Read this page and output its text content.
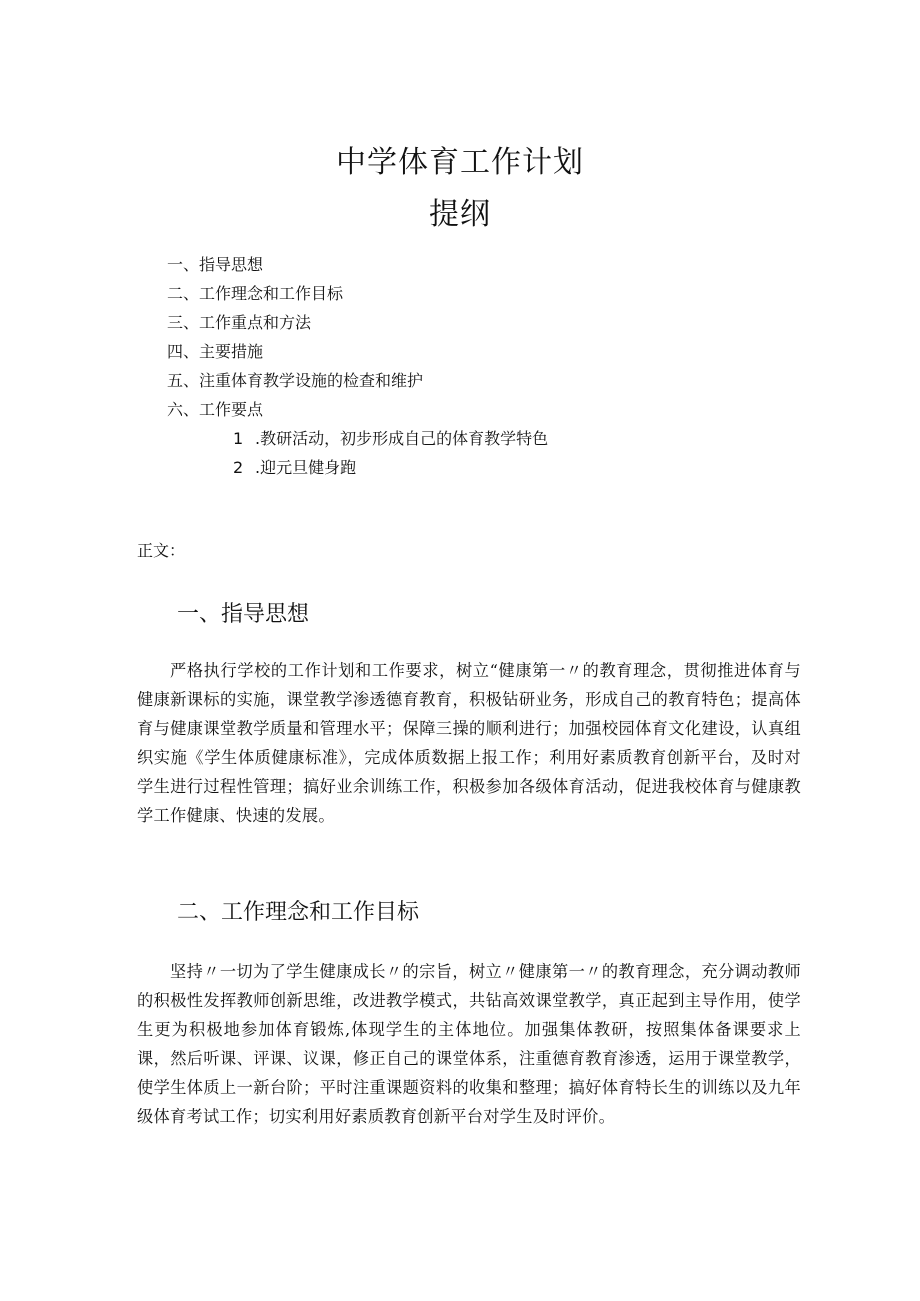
中学体育工作计划
提纲
一、指导思想
二、工作理念和工作目标
三、工作重点和方法
四、主要措施
五、注重体育教学设施的检查和维护
六、工作要点
1 .教研活动，初步形成自己的体育教学特色
2 .迎元旦健身跑
正文：
一、指导思想

严格执行学校的工作计划和工作要求，树立“健康第一〃的教育理念，贯彻推进体育与健康新课标的实施，课堂教学渗透德育教育，积极钻研业务，形成自己的教育特色；提高体育与健康课堂教学质量和管理水平；保障三操的顺利进行；加强校园体育文化建设，认真组织实施《学生体质健康标准》，完成体质数据上报工作；利用好素质教育创新平台，及时对学生进行过程性管理；搞好业余训练工作，积极参加各级体育活动，促进我校体育与健康教学工作健康、快速的发展。

二、工作理念和工作目标

坚持〃一切为了学生健康成长〃的宗旨，树立〃健康第一〃的教育理念，充分调动教师的积极性发挥教师创新思维，改进教学模式，共钻高效课堂教学，真正起到主导作用，使学生更为积极地参加体育锻炼,体现学生的主体地位。加强集体教研，按照集体备课要求上课，然后听课、评课、议课，修正自己的课堂体系，注重德育教育渗透，运用于课堂教学，使学生体质上一新台阶；平时注重课题资料的收集和整理；搞好体育特长生的训练以及九年级体育考试工作；切实利用好素质教育创新平台对学生及时评价。
